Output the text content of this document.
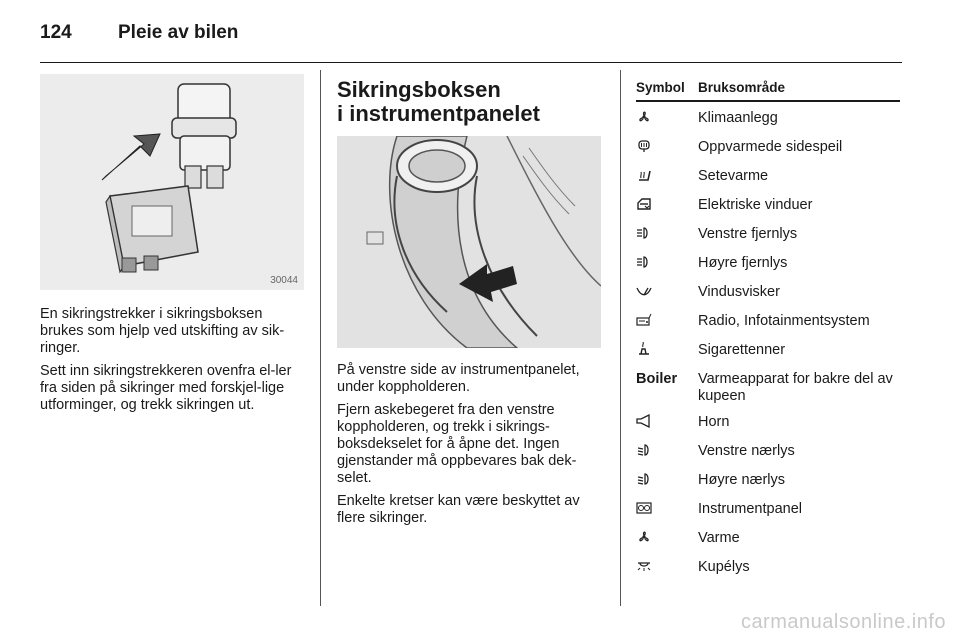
124 Pleie av bilen
30044

En sikringstrekker i sikringsboksen brukes som hjelp ved utskifting av sik-ringer.

Sett inn sikringstrekkeren ovenfra el-ler fra siden på sikringer med forskjel-lige utforminger, og trekk sikringen ut.

Sikringsboksen
i instrumentpanelet

På venstre side av instrumentpanelet, under koppholderen.

Fjern askebegeret fra den venstre koppholderen, og trekk i sikrings-boksdekselet for å åpne det. Ingen gjenstander må oppbevares bak dek-selet.

Enkelte kretser kan være beskyttet av flere sikringer.

Symbol Bruksområde
Klimaanlegg
Oppvarmede sidespeil
Setevarme
Elektriske vinduer
Venstre fjernlys
Høyre fjernlys
Vindusvisker
Radio, Infotainmentsystem
Sigarettenner
Boiler Varmeapparat for bakre del av kupeen
Horn
Venstre nærlys
Høyre nærlys
Instrumentpanel
Varme
Kupélys
carmanualsonline.info
